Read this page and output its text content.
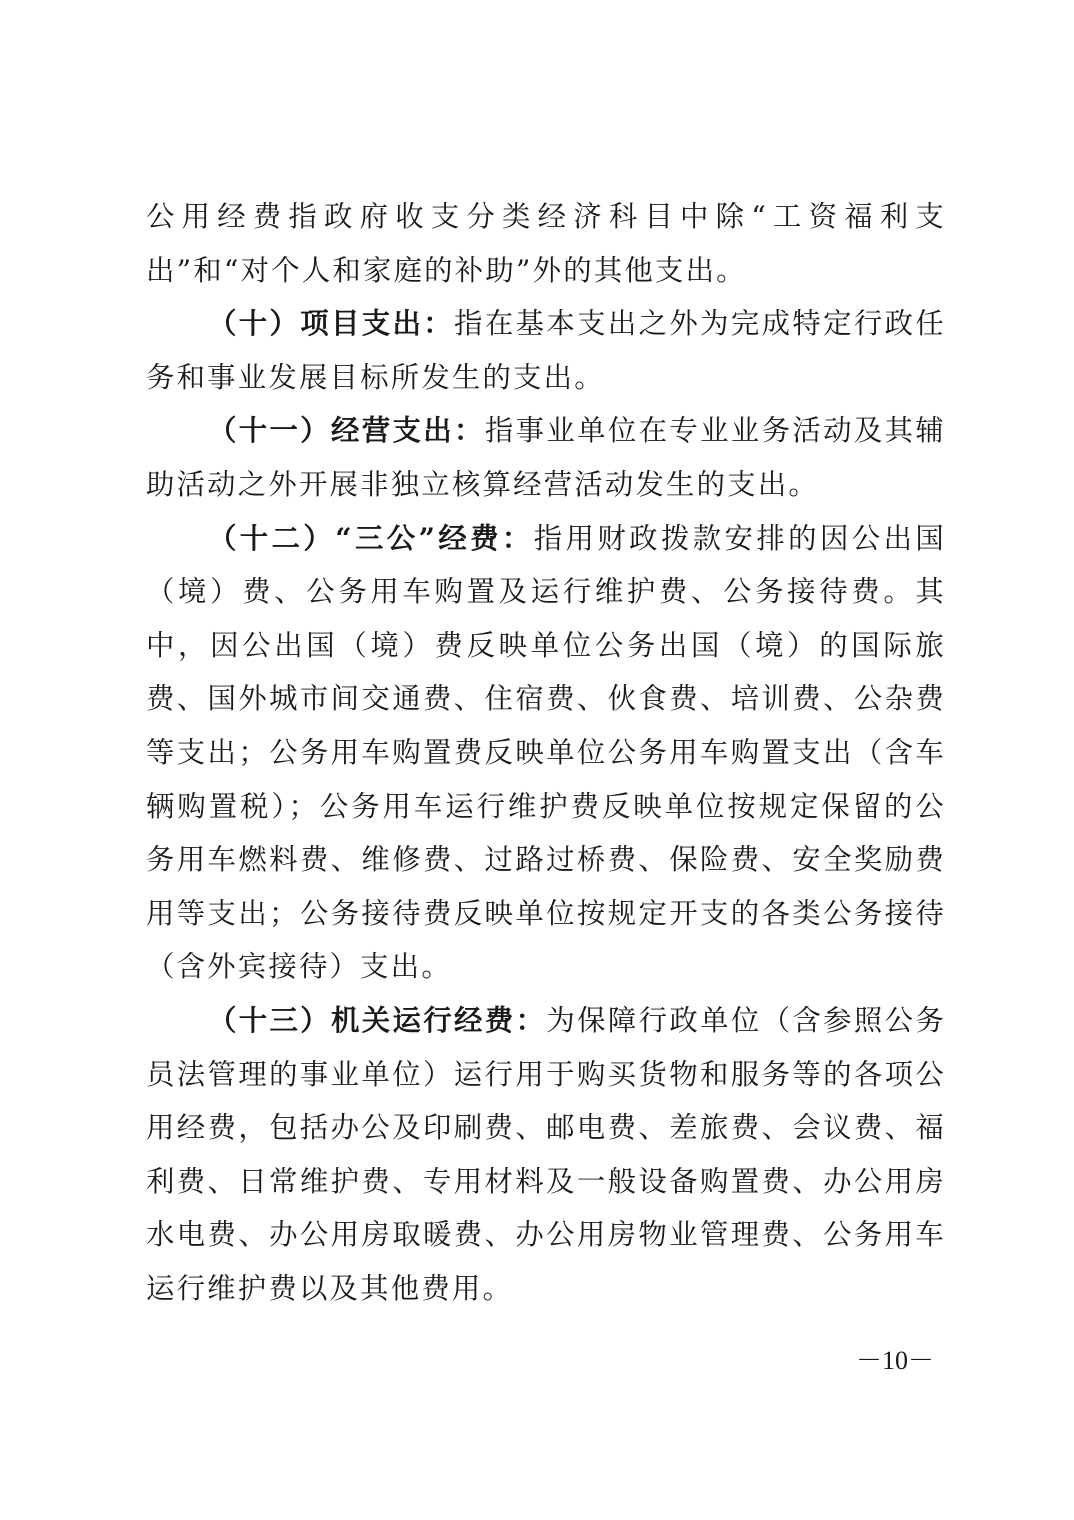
公用经费指政府收支分类经济科目中除“工资福利支出”和“对个人和家庭的补助”外的其他支出。

（十）项目支出：指在基本支出之外为完成特定行政任务和事业发展目标所发生的支出。

（十一）经营支出：指事业单位在专业业务活动及其辅助活动之外开展非独立核算经营活动发生的支出。

（十二）“三公”经费：指用财政拨款安排的因公出国（境）费、公务用车购置及运行维护费、公务接待费。其中，因公出国（境）费反映单位公务出国（境）的国际旅费、国外城市间交通费、住宿费、伙食费、培训费、公杂费等支出；公务用车购置费反映单位公务用车购置支出（含车辆购置税）；公务用车运行维护费反映单位按规定保留的公务用车燃料费、维修费、过路过桥费、保险费、安全奖励费用等支出；公务接待费反映单位按规定开支的各类公务接待（含外宾接待）支出。

（十三）机关运行经费：为保障行政单位（含参照公务员法管理的事业单位）运行用于购买货物和服务等的各项公用经费，包括办公及印刷费、邮电费、差旅费、会议费、福利费、日常维护费、专用材料及一般设备购置费、办公用房水电费、办公用房取暖费、办公用房物业管理费、公务用车运行维护费以及其他费用。

－10－
